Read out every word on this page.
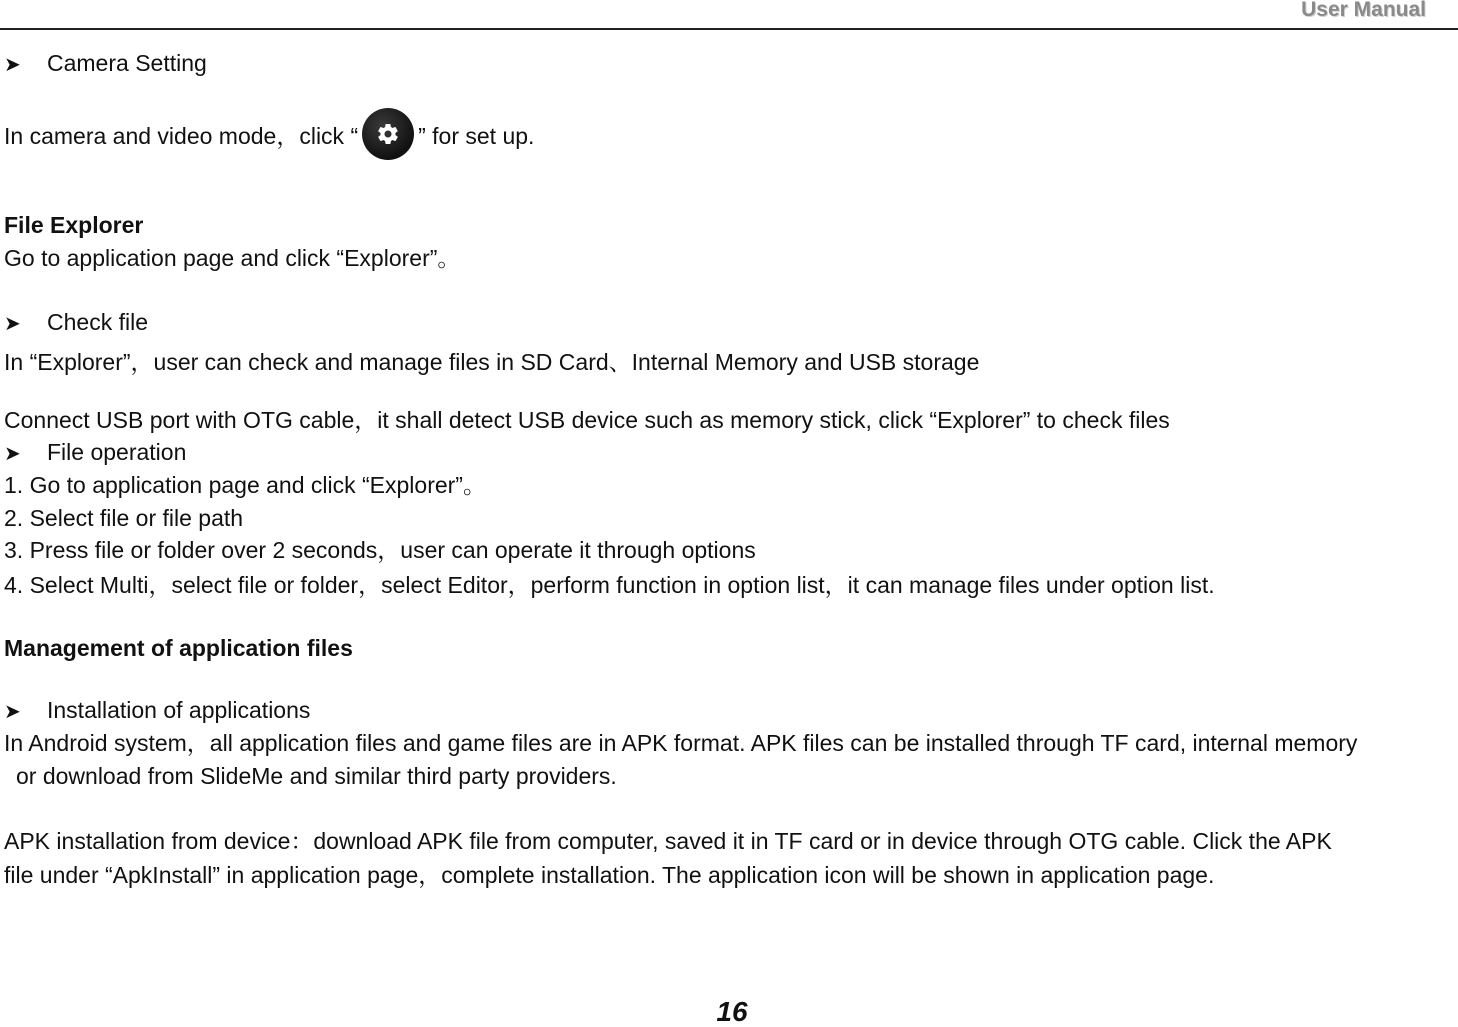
User Manual
➤ Camera Setting
In camera and video mode，click “	” for set up.
File Explorer
Go to application page and click “Explorer”。
➤ Check file
In “Explorer”，user can check and manage files in SD Card、Internal Memory and USB storage
Connect USB port with OTG cable，it shall detect USB device such as memory stick, click “Explorer” to check files
➤ File operation
1. Go to application page and click “Explorer”。
2. Select file or file path
3. Press file or folder over 2 seconds，user can operate it through options
4. Select Multi，select file or folder，select Editor，perform function in option list，it can manage files under option list.
Management of application files
➤ Installation of applications
In Android system，all application files and game files are in APK format. APK files can be installed through TF card, internal memory
or download from SlideMe and similar third party providers.
APK installation from device：download APK file from computer, saved it in TF card or in device through OTG cable. Click the APK
file under “ApkInstall” in application page，complete installation. The application icon will be shown in application page.
16
